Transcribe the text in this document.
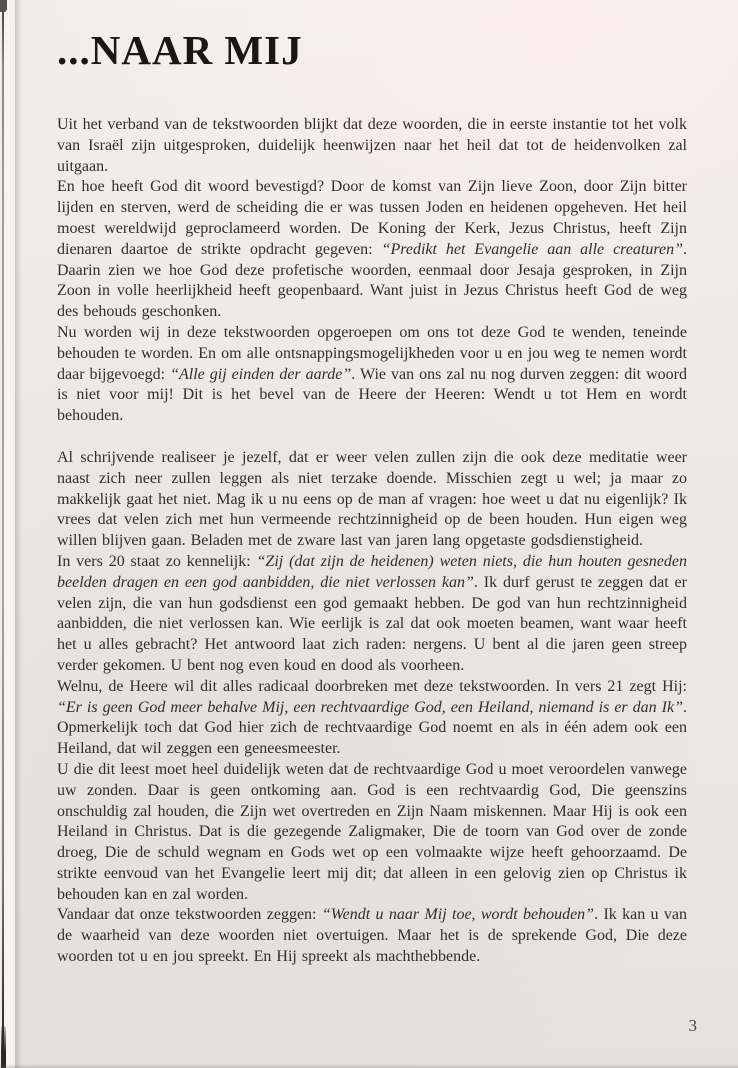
...NAAR MIJ

Uit het verband van de tekstwoorden blijkt dat deze woorden, die in eerste instantie tot het volk van Israël zijn uitgesproken, duidelijk heenwijzen naar het heil dat tot de heidenvolken zal uitgaan.

En hoe heeft God dit woord bevestigd? Door de komst van Zijn lieve Zoon, door Zijn bitter lijden en sterven, werd de scheiding die er was tussen Joden en heidenen opgeheven. Het heil moest wereldwijd geproclameerd worden. De Koning der Kerk, Jezus Christus, heeft Zijn dienaren daartoe de strikte opdracht gegeven: “Predikt het Evangelie aan alle creaturen”. Daarin zien we hoe God deze profetische woorden, eenmaal door Jesaja gesproken, in Zijn Zoon in volle heerlijkheid heeft geopenbaard. Want juist in Jezus Christus heeft God de weg des behouds geschonken.

Nu worden wij in deze tekstwoorden opgeroepen om ons tot deze God te wenden, teneinde behouden te worden. En om alle ontsnappingsmogelijkheden voor u en jou weg te nemen wordt daar bijgevoegd: “Alle gij einden der aarde”. Wie van ons zal nu nog durven zeggen: dit woord is niet voor mij! Dit is het bevel van de Heere der Heeren: Wendt u tot Hem en wordt behouden.

Al schrijvende realiseer je jezelf, dat er weer velen zullen zijn die ook deze meditatie weer naast zich neer zullen leggen als niet terzake doende. Misschien zegt u wel; ja maar zo makkelijk gaat het niet. Mag ik u nu eens op de man af vragen: hoe weet u dat nu eigenlijk? Ik vrees dat velen zich met hun vermeende rechtzinnigheid op de been houden. Hun eigen weg willen blijven gaan. Beladen met de zware last van jaren lang opgetaste godsdienstigheid.

In vers 20 staat zo kennelijk: “Zij (dat zijn de heidenen) weten niets, die hun houten gesneden beelden dragen en een god aanbidden, die niet verlossen kan”. Ik durf gerust te zeggen dat er velen zijn, die van hun godsdienst een god gemaakt hebben. De god van hun rechtzinnigheid aanbidden, die niet verlossen kan. Wie eerlijk is zal dat ook moeten beamen, want waar heeft het u alles gebracht? Het antwoord laat zich raden: nergens. U bent al die jaren geen streep verder gekomen. U bent nog even koud en dood als voorheen.

Welnu, de Heere wil dit alles radicaal doorbreken met deze tekstwoorden. In vers 21 zegt Hij: “Er is geen God meer behalve Mij, een rechtvaardige God, een Heiland, niemand is er dan Ik”. Opmerkelijk toch dat God hier zich de rechtvaardige God noemt en als in één adem ook een Heiland, dat wil zeggen een geneesmeester.

U die dit leest moet heel duidelijk weten dat de rechtvaardige God u moet veroordelen vanwege uw zonden. Daar is geen ontkoming aan. God is een rechtvaardig God, Die geenszins onschuldig zal houden, die Zijn wet overtreden en Zijn Naam miskennen. Maar Hij is ook een Heiland in Christus. Dat is die gezegende Zaligmaker, Die de toorn van God over de zonde droeg, Die de schuld wegnam en Gods wet op een volmaakte wijze heeft gehoorzaamd. De strikte eenvoud van het Evangelie leert mij dit; dat alleen in een gelovig zien op Christus ik behouden kan en zal worden.

Vandaar dat onze tekstwoorden zeggen: “Wendt u naar Mij toe, wordt behouden”. Ik kan u van de waarheid van deze woorden niet overtuigen. Maar het is de sprekende God, Die deze woorden tot u en jou spreekt. En Hij spreekt als machthebbende.

3
